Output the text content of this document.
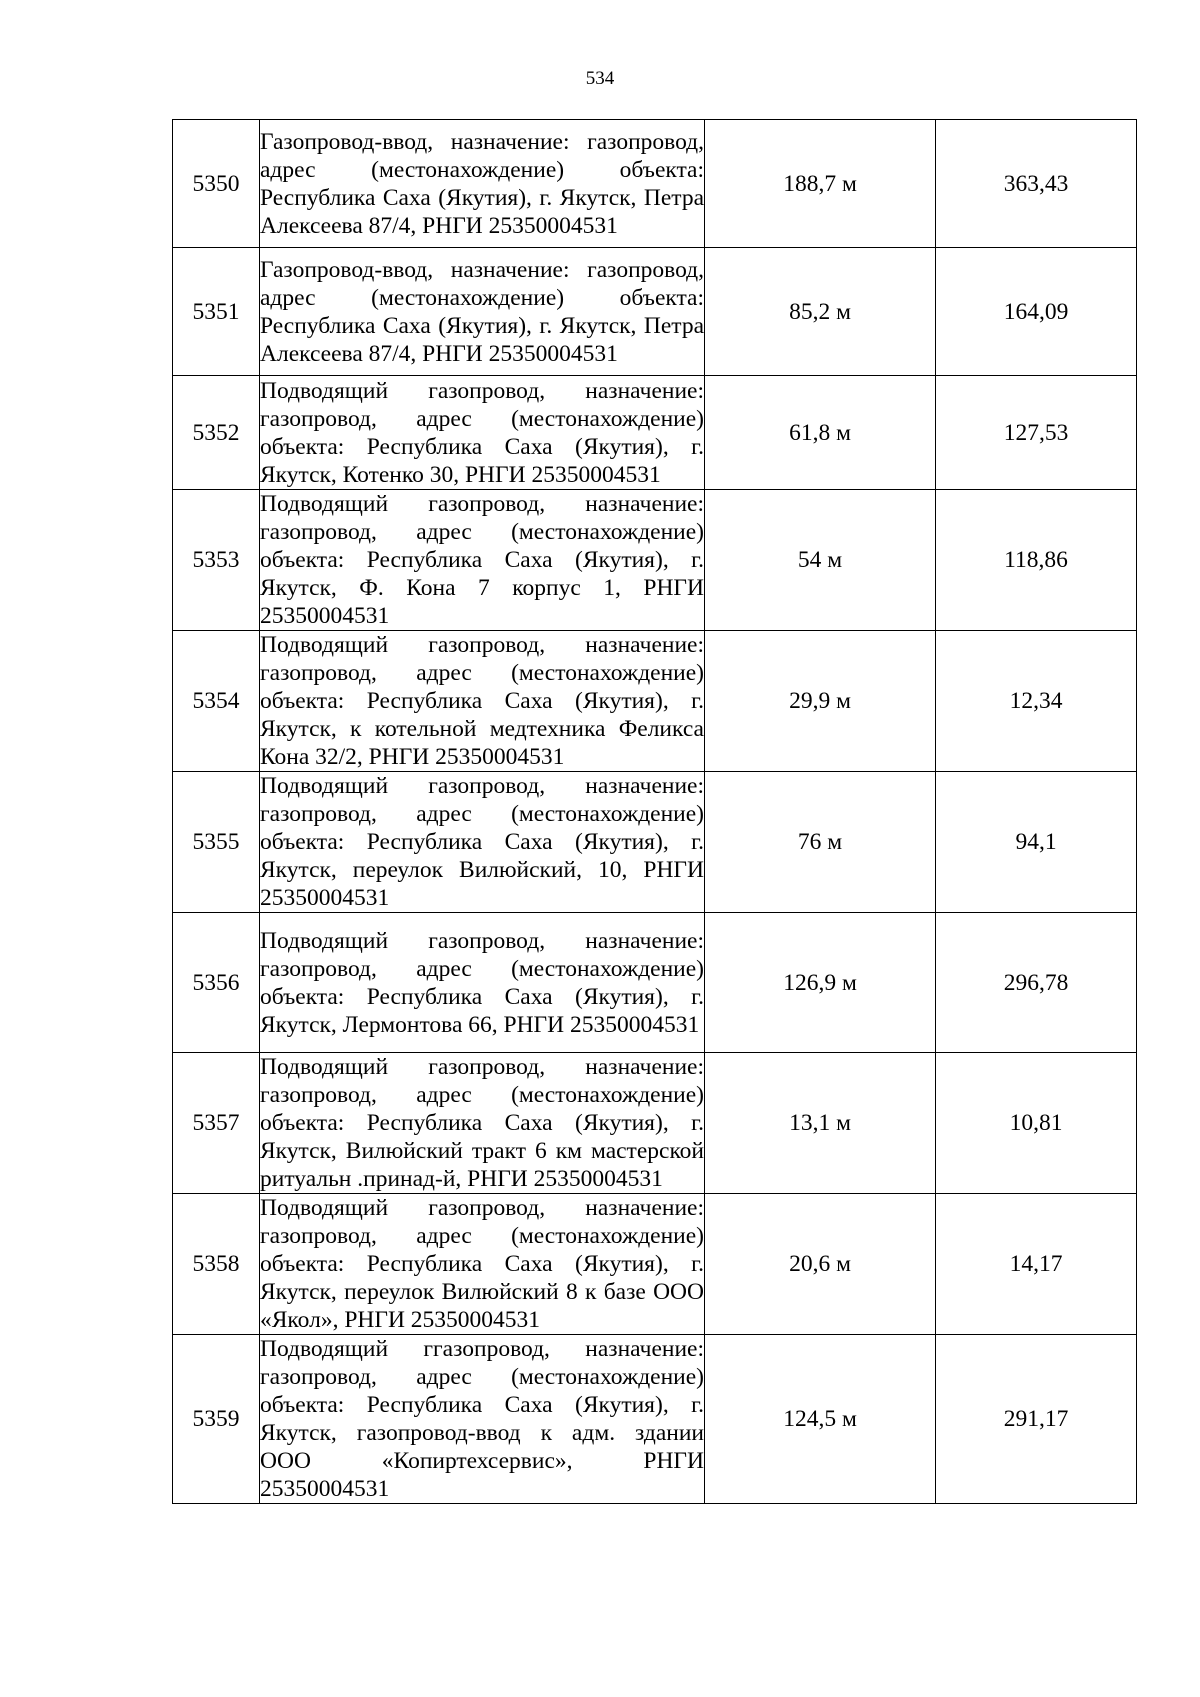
534
5350	Газопровод-ввод, назначение: газопровод, адрес (местонахождение) объекта: Республика Саха (Якутия), г. Якутск, Петра Алексеева 87/4, РНГИ 25350004531	188,7 м	363,43
5351	Газопровод-ввод, назначение: газопровод, адрес (местонахождение) объекта: Республика Саха (Якутия), г. Якутск, Петра Алексеева 87/4, РНГИ 25350004531	85,2 м	164,09
5352	Подводящий газопровод, назначение: газопровод, адрес (местонахождение) объекта: Республика Саха (Якутия), г. Якутск, Котенко 30, РНГИ 25350004531	61,8 м	127,53
5353	Подводящий газопровод, назначение: газопровод, адрес (местонахождение) объекта: Республика Саха (Якутия), г. Якутск, Ф. Кона 7 корпус 1, РНГИ 25350004531	54 м	118,86
5354	Подводящий газопровод, назначение: газопровод, адрес (местонахождение) объекта: Республика Саха (Якутия), г. Якутск, к котельной медтехника Феликса Кона 32/2, РНГИ 25350004531	29,9 м	12,34
5355	Подводящий газопровод, назначение: газопровод, адрес (местонахождение) объекта: Республика Саха (Якутия), г. Якутск, переулок Вилюйский, 10, РНГИ 25350004531	76 м	94,1
5356	Подводящий газопровод, назначение: газопровод, адрес (местонахождение) объекта: Республика Саха (Якутия), г. Якутск, Лермонтова 66, РНГИ 25350004531	126,9 м	296,78
5357	Подводящий газопровод, назначение: газопровод, адрес (местонахождение) объекта: Республика Саха (Якутия), г. Якутск, Вилюйский тракт 6 км мастерской ритуальн .принад-й, РНГИ 25350004531	13,1 м	10,81
5358	Подводящий газопровод, назначение: газопровод, адрес (местонахождение) объекта: Республика Саха (Якутия), г. Якутск, переулок Вилюйский 8 к базе ООО «Якол», РНГИ 25350004531	20,6 м	14,17
5359	Подводящий ггазопровод, назначение: газопровод, адрес (местонахождение) объекта: Республика Саха (Якутия), г. Якутск, газопровод-ввод к адм. здании ООО «Копиртехсервис», РНГИ 25350004531	124,5 м	291,17
